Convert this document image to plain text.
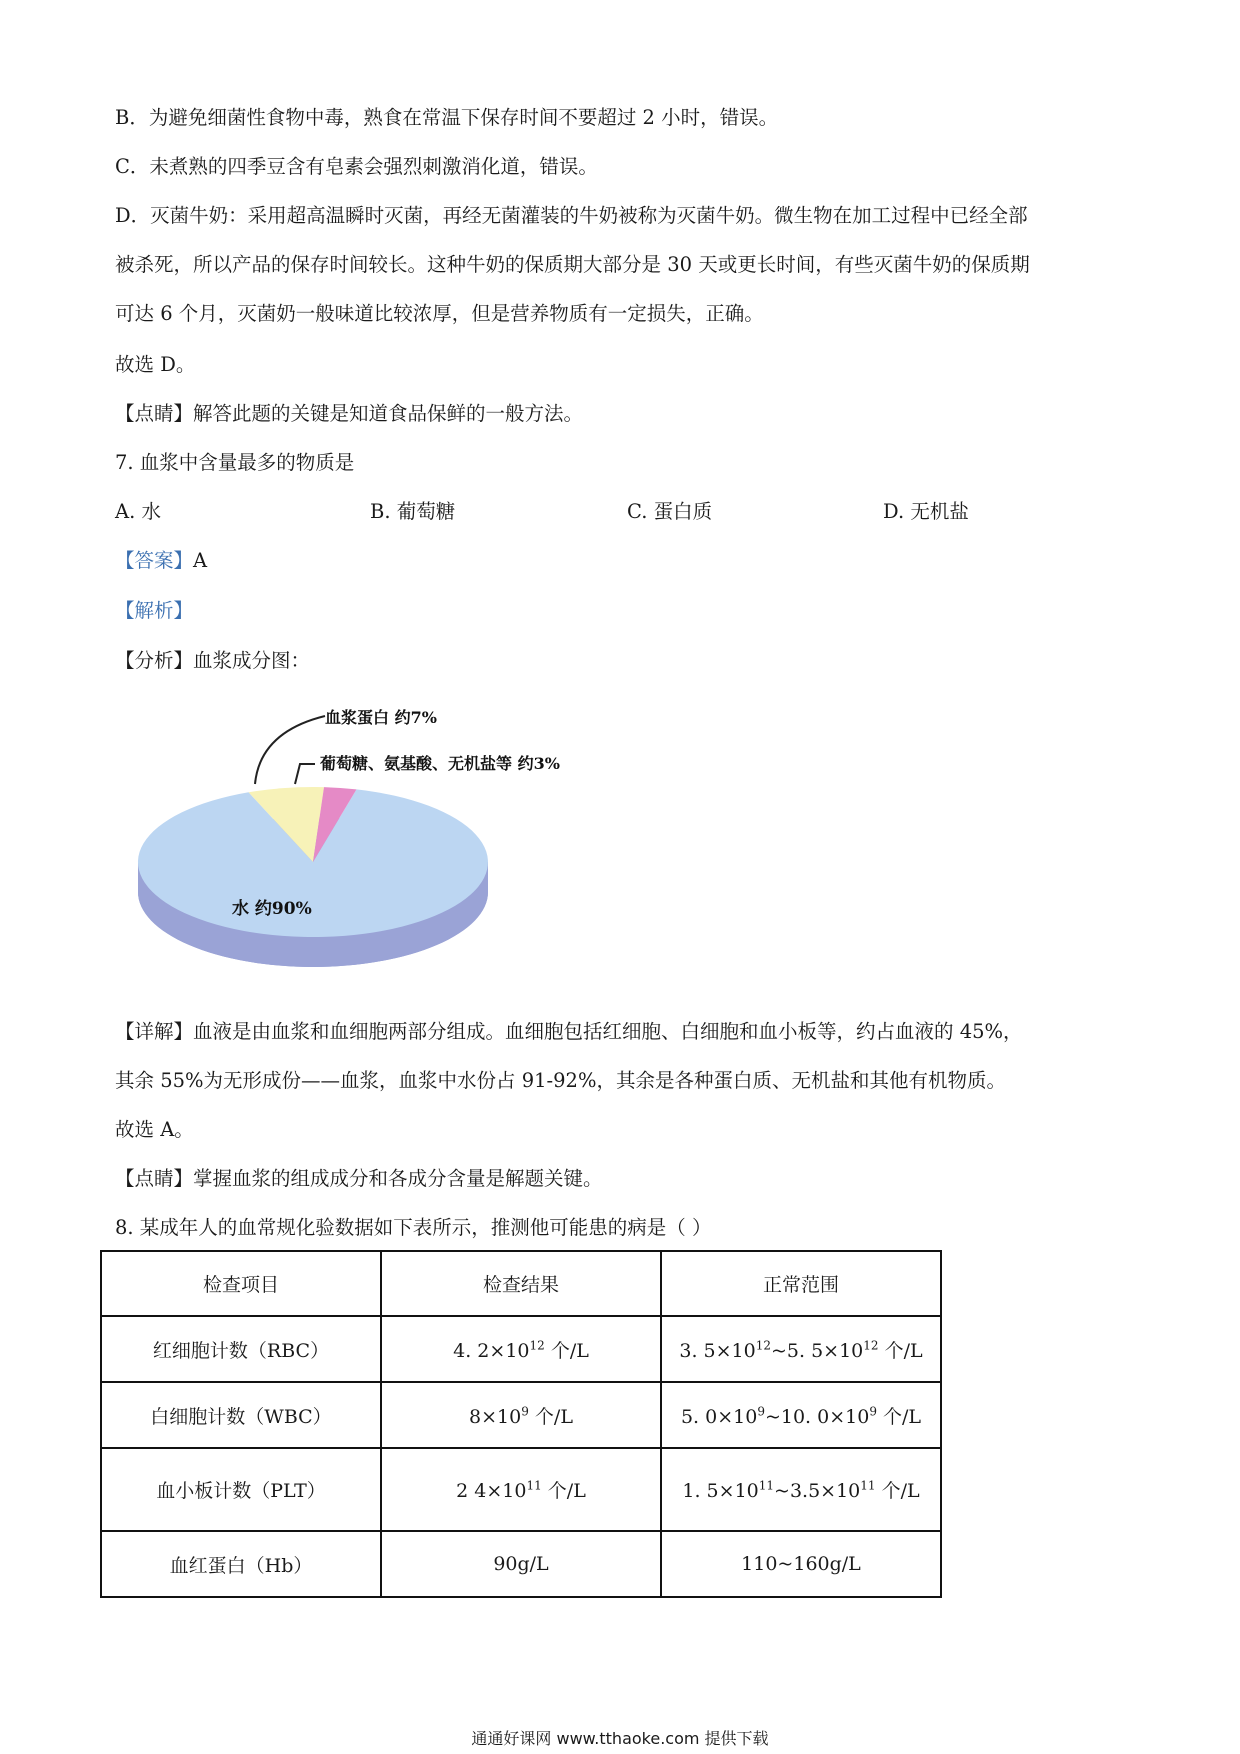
B．为避免细菌性食物中毒，熟食在常温下保存时间不要超过 2 小时，错误。
C．未煮熟的四季豆含有皂素会强烈刺激消化道，错误。
D．灭菌牛奶：采用超高温瞬时灭菌，再经无菌灌装的牛奶被称为灭菌牛奶。微生物在加工过程中已经全部
被杀死，所以产品的保存时间较长。这种牛奶的保质期大部分是 30 天或更长时间，有些灭菌牛奶的保质期
可达 6 个月，灭菌奶一般味道比较浓厚，但是营养物质有一定损失，正确。
故选 D。
【点睛】解答此题的关键是知道食品保鲜的一般方法。
7. 血浆中含量最多的物质是
A. 水	B. 葡萄糖	C. 蛋白质	D. 无机盐
【答案】A
【解析】
【分析】血浆成分图：
血浆蛋白 约7%
葡萄糖、氨基酸、无机盐等 约3%
水 约90%
【详解】血液是由血浆和血细胞两部分组成。血细胞包括红细胞、白细胞和血小板等，约占血液的 45%，
其余 55%为无形成份——血浆，血浆中水份占 91-92%，其余是各种蛋白质、无机盐和其他有机物质。
故选 A。
【点睛】掌握血浆的组成成分和各成分含量是解题关键。
8. 某成年人的血常规化验数据如下表所示，推测他可能患的病是（ ）
检查项目	检查结果	正常范围
红细胞计数（RBC）	4. $2\times 10^{12}$ 个/L	3. $5\times 10^{12}\sim 5$. $5\times 10^{12}$ 个/L
白细胞计数（WBC）	$8\times 10^9$ 个/L	5. $0\times 10^9\sim 10$. $0\times 10^9$ 个/L
血小板计数（PLT）	2 $4\times 10^{11}$ 个/L	1. $5\times 10^{11}\sim 3.5\times 10^{11}$ 个/L
血红蛋白（Hb）	90g/L	110~160g/L
通通好课网 www.tthaoke.com 提供下载
